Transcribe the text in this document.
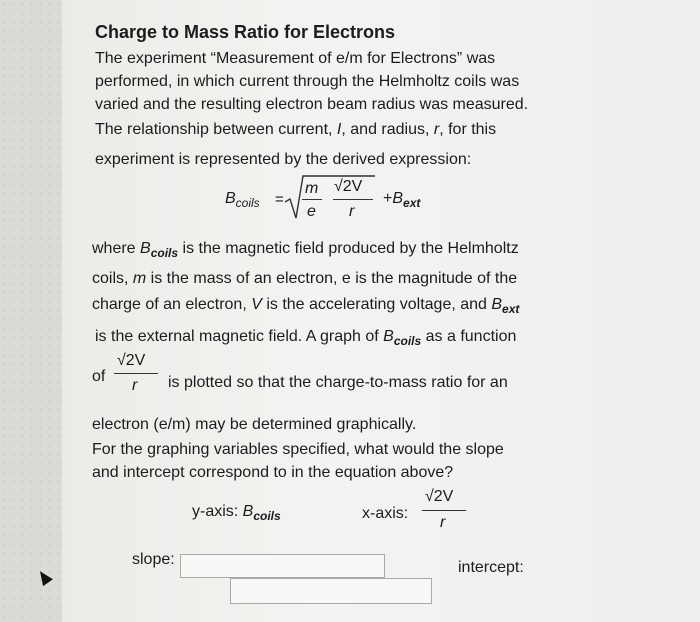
Charge to Mass Ratio for Electrons
The experiment “Measurement of e/m for Electrons” was
performed, in which current through the Helmholtz coils was
varied and the resulting electron beam radius was measured.
The relationship between current, I, and radius, r, for this
experiment is represented by the derived expression:
$B_{coils}$ =
m
e
√2V
r
$+B_{ext}$
where $B_{coils}$ is the magnetic field produced by the Helmholtz
coils, m is the mass of an electron, e is the magnitude of the
charge of an electron, V is the accelerating voltage, and $B_{ext}$
is the external magnetic field. A graph of $B_{coils}$ as a function
of
√2V
r is plotted so that the charge-to-mass ratio for an
electron (e/m) may be determined graphically.
For the graphing variables specified, what would the slope
and intercept correspond to in the equation above?
y-axis: $B_{coils}$	x-axis:
√2V
r
slope:	intercept:
